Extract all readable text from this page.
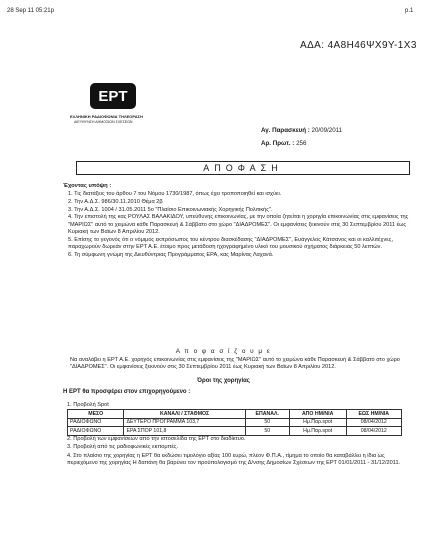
28 Sep 11 05:21p	p.1
ΑΔΑ: 4Α8Η46ΨΧ9Υ-1Χ3
ΕΡΤ
ΕΛΛΗΝΙΚΗ ΡΑΔΙΟΦΩΝΙΑ ΤΗΛΕΟΡΑΣΗ
ΔΙΕΥΘΥΝΣΗ ΔΗΜΟΣΙΩΝ ΣΧΕΣΕΩΝ
Αγ. Παρασκευή : 20/09/2011
Αρ. Πρωτ. : 256
ΑΠΟΦΑΣΗ
Έχοντας υπόψη :
1. Τις διατάξεις του άρθου 7 του Νόμου 1730/1987, όπως έχει τροποποιηθεί και ισχύει.
2. Την Α.Δ.Σ. 986/30.11.2010 Θέμα 2β
3. Την Α.Δ.Σ. 1004 / 31.05.2011 5ο "Πλαίσιο Επικοινωνιακής Χορηγικής Πολιτικής".
4. Την επιστολή της κας ΡΟΥΛΑΣ ΒΑΛΑΚΙΔΟΥ, υπεύθυνης επικοινωνίας, με την οποία ζητείται η χορηγία επικοινωνίας στις εμφανίσεις της "ΜΑΡΙΩΣ" αυτό το χειμώνα κάθε Παρασκευή & Σάββατο στο χώρο "ΔΙΑΔΡΟΜΕΣ". Οι εμφανίσεις ξεκινούν στις 30 Σεπτεμβρίου 2011 έως Κυριακή των Βαϊων 8 Απριλίου 2012.
5. Επίσης το γεγονός ότι ο νόμιμος εκπρόσωπος του κέντρου διασκέδασης "ΔΙΑΔΡΟΜΕΣ", Ευάγγελος Κάτσανος και οι καλλιτέχνες, παραχωρούν δωρεάν στην ΕΡΤ Α.Ε. έτοιμο προς μετάδοση ηχογραφημένο υλικό του μουσικού σχήματος διάρκειας 50 λεπτών.
6. Τη σύμφωνη γνώμη της Διευθύντριας Προγράμματος ΕΡΑ, κας Μαρίνας Λαχανά.
Α π ο φ α σ ί ζ ο υ μ ε
Να αναλάβει η ΕΡΤ Α.Ε. χορηγός επικοινωνίας στις εμφανίσεις της "ΜΑΡΙΩΣ" αυτό το χειμώνα κάθε Παρασκευή & Σάββατο στο χώρο "ΔΙΑΔΡΟΜΕΣ". Οι εμφανίσεις ξεκινούν στις 30 Σεπτεμβρίου 2011 έως Κυριακή των Βαϊων 8 Απριλίου 2012.
Όροι της χορηγίας
Η ΕΡΤ θα προσφέρει στον επιχορηγούμενο :
1. Προβολή Spot
ΜΕΣΟ	ΚΑΝΑΛΙ / ΣΤΑΘΜΟΣ	ΕΠΑΝΑΛ.	ΑΠΟ ΗΜ/ΝΙΑ	ΕΩΣ ΗΜ/ΝΙΑ
ΡΑΔΙΟΦΩΝΟ	ΔΕΥΤΕΡΟ ΠΡΟΓΡΑΜΜΑ 103,7	50	Ημ.Παρ.spot	08/04/2012
ΡΑΔΙΟΦΩΝΟ	ΕΡΑ ΣΠΟΡ 101,8	50	Ημ.Παρ.spot	08/04/2012
2. Προβολή των εμφανίσεων από την ιστοσελίδα της ΕΡΤ στο διαδίκτυο.
3. Προβολή από τις ραδιοφωνικές εκπομπές.
4. Στο πλαίσιο της χορηγίας η ΕΡΤ θα εκδώσει τιμολόγιο αξίας 100 ευρώ, πλέον Φ.Π.Α., τίμημα το οποίο θα καταβάλλει η ίδια ως περιεχόμενο της χορηγίας Η δαπάνη θα βαρύνει τον προϋπολογισμό της Δ/νσης Δημοσίων Σχέσεων της ΕΡΤ 01/01/2011 - 31/12/2011.
